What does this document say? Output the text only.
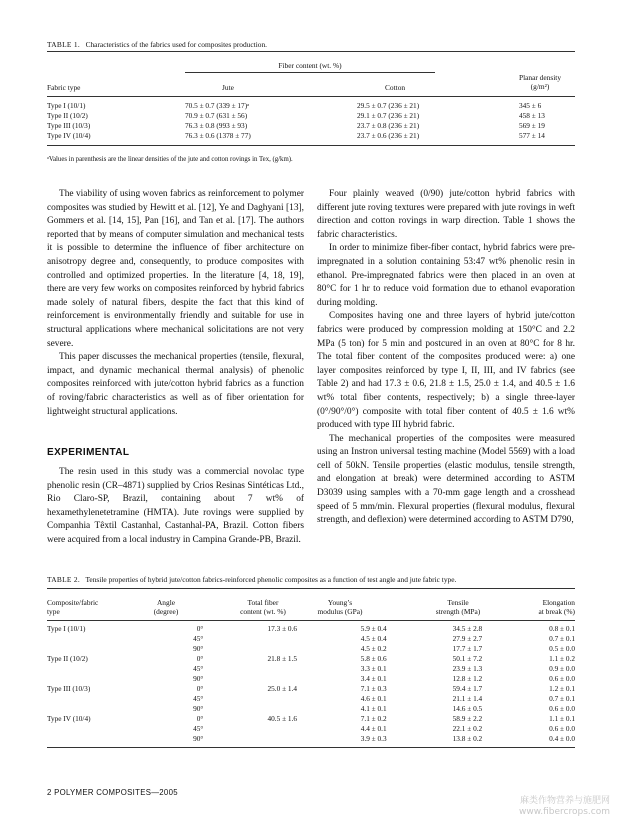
TABLE 1. Characteristics of the fabrics used for composites production.
Fiber content (wt. %)
Fabric type	Jute	Cotton
Planar density
(g/m²)
Type I (10/1)	70.5 ± 0.7 (339 ± 17)ᵃ	29.5 ± 0.7 (236 ± 21)	345 ± 6
Type II (10/2)	70.9 ± 0.7 (631 ± 56)	29.1 ± 0.7 (236 ± 21)	458 ± 13
Type III (10/3)	76.3 ± 0.8 (993 ± 93)	23.7 ± 0.8 (236 ± 21)	569 ± 19
Type IV (10/4)	76.3 ± 0.6 (1378 ± 77)	23.7 ± 0.6 (236 ± 21)	577 ± 14
ᵃValues in parenthesis are the linear densities of the jute and cotton rovings in Tex, (g/km).

The viability of using woven fabrics as reinforcement to polymer composites was studied by Hewitt et al. [12], Ye and Daghyani [13], Gommers et al. [14, 15], Pan [16], and Tan et al. [17]. The authors reported that by means of computer simulation and mechanical tests it is possible to determine the influence of fiber architecture on anisotropy degree and, consequently, to produce composites with controlled and optimized properties. In the literature [4, 18, 19], there are very few works on composites reinforced by hybrid fabrics made solely of natural fibers, despite the fact that this kind of reinforcement is environmentally friendly and suitable for use in structural applications where mechanical solicitations are not very severe.

This paper discusses the mechanical properties (tensile, flexural, impact, and dynamic mechanical thermal analysis) of phenolic composites reinforced with jute/cotton hybrid fabrics as a function of roving/fabric characteristics as well as of fiber orientation for lightweight structural applications.

EXPERIMENTAL

The resin used in this study was a commercial novolac type phenolic resin (CR–4871) supplied by Crios Resinas Sintéticas Ltd., Rio Claro-SP, Brazil, containing about 7 wt% of hexamethylenetetramine (HMTA). Jute rovings were supplied by Companhia Têxtil Castanhal, Castanhal-PA, Brazil. Cotton fibers were acquired from a local industry in Campina Grande-PB, Brazil.

Four plainly weaved (0/90) jute/cotton hybrid fabrics with different jute roving textures were prepared with jute rovings in weft direction and cotton rovings in warp direction. Table 1 shows the fabric characteristics.

In order to minimize fiber-fiber contact, hybrid fabrics were pre-impregnated in a solution containing 53:47 wt% phenolic resin in ethanol. Pre-impregnated fabrics were then placed in an oven at 80°C for 1 hr to reduce void formation due to ethanol evaporation during molding.

Composites having one and three layers of hybrid jute/cotton fabrics were produced by compression molding at 150°C and 2.2 MPa (5 ton) for 5 min and postcured in an oven at 80°C for 8 hr. The total fiber content of the composites produced were: a) one layer composites reinforced by type I, II, III, and IV fabrics (see Table 2) and had 17.3 ± 0.6, 21.8 ± 1.5, 25.0 ± 1.4, and 40.5 ± 1.6 wt% total fiber contents, respectively; b) a single three-layer (0°/90°/0°) composite with total fiber content of 40.5 ± 1.6 wt% produced with type III hybrid fabric.

The mechanical properties of the composites were measured using an Instron universal testing machine (Model 5569) with a load cell of 50kN. Tensile properties (elastic modulus, tensile strength, and elongation at break) were determined according to ASTM D3039 using samples with a 70-mm gage length and a crosshead speed of 5 mm/min. Flexural properties (flexural modulus, flexural strength, and deflexion) were determined according to ASTM D790,

TABLE 2. Tensile properties of hybrid jute/cotton fabrics-reinforced phenolic composites as a function of test angle and jute fabric type.
Composite/fabric
type
Angle
(degree)
Total fiber
content (wt. %)
Young’s
modulus (GPa)
Tensile
strength (MPa)
Elongation
at break (%)
Type I (10/1)	0°	17.3 ± 0.6	5.9 ± 0.4	34.5 ± 2.8	0.8 ± 0.1
	45°		4.5 ± 0.4	27.9 ± 2.7	0.7 ± 0.1
	90°		4.5 ± 0.2	17.7 ± 1.7	0.5 ± 0.0
Type II (10/2)	0°	21.8 ± 1.5	5.8 ± 0.6	50.1 ± 7.2	1.1 ± 0.2
	45°		3.3 ± 0.1	23.9 ± 1.3	0.9 ± 0.0
	90°		3.4 ± 0.1	12.8 ± 1.2	0.6 ± 0.0
Type III (10/3)	0°	25.0 ± 1.4	7.1 ± 0.3	59.4 ± 1.7	1.2 ± 0.1
	45°		4.6 ± 0.1	21.1 ± 1.4	0.7 ± 0.1
	90°		4.1 ± 0.1	14.6 ± 0.5	0.6 ± 0.0
Type IV (10/4)	0°	40.5 ± 1.6	7.1 ± 0.2	58.9 ± 2.2	1.1 ± 0.1
	45°		4.4 ± 0.1	22.1 ± 0.2	0.6 ± 0.0
	90°		3.9 ± 0.3	13.8 ± 0.2	0.4 ± 0.0
2 POLYMER COMPOSITES—2005
麻类作物营养与施肥网
www.fibercrops.com
